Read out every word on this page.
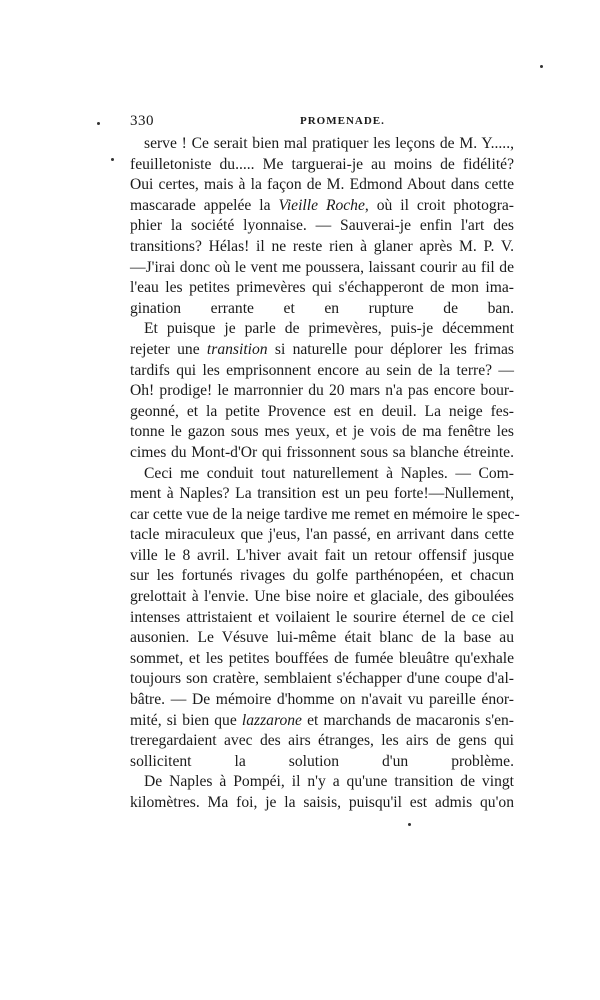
330	PROMENADE.

serve ! Ce serait bien mal pratiquer les leçons de M. Y.....,
feuilletoniste du..... Me targuerai-je au moins de fidélité?
Oui certes, mais à la façon de M. Edmond About dans cette
mascarade appelée la Vieille Roche, où il croit photogra-
phier la société lyonnaise. — Sauverai-je enfin l'art des
transitions? Hélas! il ne reste rien à glaner après M. P. V.
—J'irai donc où le vent me poussera, laissant courir au fil de
l'eau les petites primevères qui s'échapperont de mon ima-
gination errante et en rupture de ban.

Et puisque je parle de primevères, puis-je décemment
rejeter une transition si naturelle pour déplorer les frimas
tardifs qui les emprisonnent encore au sein de la terre? —
Oh! prodige! le marronnier du 20 mars n'a pas encore bour-
geonné, et la petite Provence est en deuil. La neige fes-
tonne le gazon sous mes yeux, et je vois de ma fenêtre les
cimes du Mont-d'Or qui frissonnent sous sa blanche étreinte.

Ceci me conduit tout naturellement à Naples. — Com-
ment à Naples? La transition est un peu forte!—Nullement,
car cette vue de la neige tardive me remet en mémoire le spec-
tacle miraculeux que j'eus, l'an passé, en arrivant dans cette
ville le 8 avril. L'hiver avait fait un retour offensif jusque
sur les fortunés rivages du golfe parthénopéen, et chacun
grelottait à l'envie. Une bise noire et glaciale, des giboulées
intenses attristaient et voilaient le sourire éternel de ce ciel
ausonien. Le Vésuve lui-même était blanc de la base au
sommet, et les petites bouffées de fumée bleuâtre qu'exhale
toujours son cratère, semblaient s'échapper d'une coupe d'al-
bâtre. — De mémoire d'homme on n'avait vu pareille énor-
mité, si bien que lazzarone et marchands de macaronis s'en-
treregardaient avec des airs étranges, les airs de gens qui
sollicitent la solution d'un problème.

De Naples à Pompéi, il n'y a qu'une transition de vingt
kilomètres. Ma foi, je la saisis, puisqu'il est admis qu'on
